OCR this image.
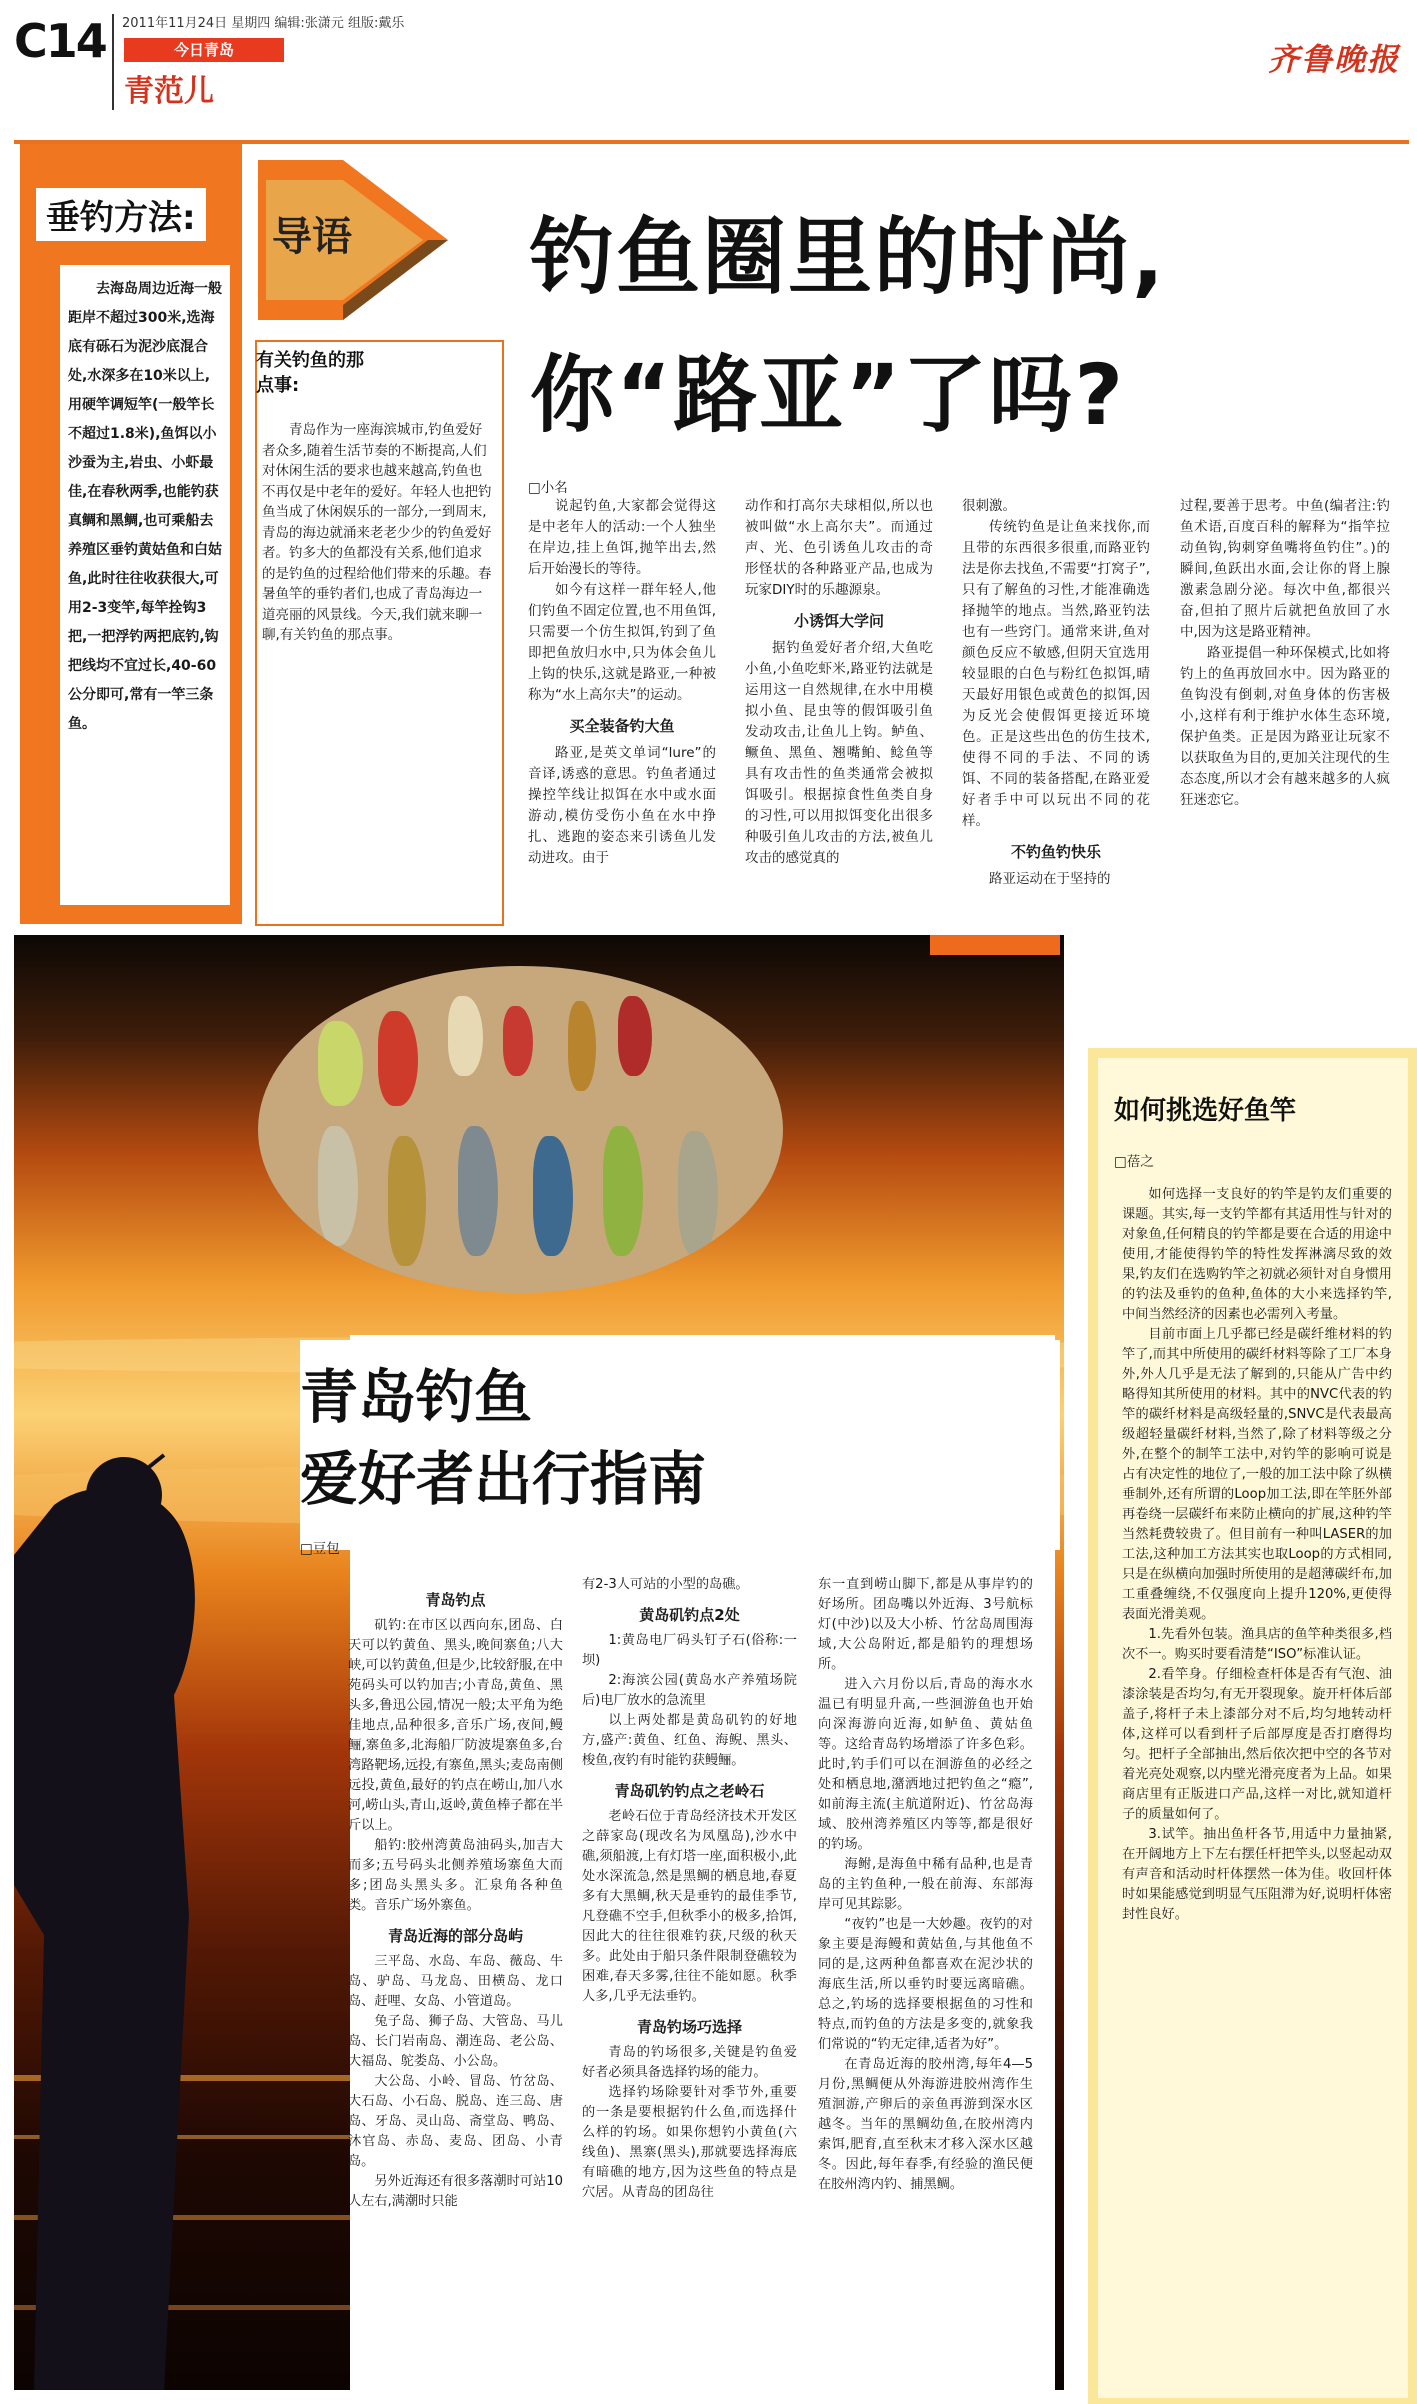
C14 2011年11月24日 星期四 编辑:张潇元 组版:戴乐
今日青岛
青范儿
齐鲁晚报
垂钓方法:
去海岛周边近海一般距岸不超过300米,选海底有砾石为泥沙底混合处,水深多在10米以上,用硬竿调短竿(一般竿长不超过1.8米),鱼饵以小沙蚕为主,岩虫、小虾最佳,在春秋两季,也能钓获真鲷和黑鲷,也可乘船去养殖区垂钓黄姑鱼和白姑鱼,此时往往收获很大,可用2-3变竿,每竿拴钩3把,一把浮钓两把底钓,钩把线均不宜过长,40-60公分即可,常有一竿三条鱼。
导语
有关钓鱼的那点事:
青岛作为一座海滨城市,钓鱼爱好者众多,随着生活节奏的不断提高,人们对休闲生活的要求也越来越高,钓鱼也不再仅是中老年的爱好。年轻人也把钓鱼当成了休闲娱乐的一部分,一到周末,青岛的海边就涌来老老少少的钓鱼爱好者。钓多大的鱼都没有关系,他们追求的是钓鱼的过程给他们带来的乐趣。春暑鱼竿的垂钓者们,也成了青岛海边一道亮丽的风景线。今天,我们就来聊一聊,有关钓鱼的那点事。
钓鱼圈里的时尚,
你“路亚”了吗?
□小名

说起钓鱼,大家都会觉得这是中老年人的活动:一个人独坐在岸边,挂上鱼饵,抛竿出去,然后开始漫长的等待。

如今有这样一群年轻人,他们钓鱼不固定位置,也不用鱼饵,只需要一个仿生拟饵,钓到了鱼即把鱼放归水中,只为体会鱼儿上钩的快乐,这就是路亚,一种被称为“水上高尔夫”的运动。

买全装备钓大鱼

路亚,是英文单词“lure”的音译,诱惑的意思。钓鱼者通过操控竿线让拟饵在水中或水面游动,模仿受伤小鱼在水中挣扎、逃跑的姿态来引诱鱼儿发动进攻。由于

动作和打高尔夫球相似,所以也被叫做“水上高尔夫”。而通过声、光、色引诱鱼儿攻击的奇形怪状的各种路亚产品,也成为玩家DIY时的乐趣源泉。

小诱饵大学问

据钓鱼爱好者介绍,大鱼吃小鱼,小鱼吃虾米,路亚钓法就是运用这一自然规律,在水中用模拟小鱼、昆虫等的假饵吸引鱼发动攻击,让鱼儿上钩。鲈鱼、鳜鱼、黑鱼、翘嘴鲌、鲶鱼等具有攻击性的鱼类通常会被拟饵吸引。根据掠食性鱼类自身的习性,可以用拟饵变化出很多种吸引鱼儿攻击的方法,被鱼儿攻击的感觉真的

很刺激。

传统钓鱼是让鱼来找你,而且带的东西很多很重,而路亚钓法是你去找鱼,不需要“打窝子”,只有了解鱼的习性,才能准确选择抛竿的地点。当然,路亚钓法也有一些窍门。通常来讲,鱼对颜色反应不敏感,但阴天宜选用较显眼的白色与粉红色拟饵,晴天最好用银色或黄色的拟饵,因为反光会使假饵更接近环境色。正是这些出色的仿生技术,使得不同的手法、不同的诱饵、不同的装备搭配,在路亚爱好者手中可以玩出不同的花样。

不钓鱼钓快乐

路亚运动在于坚持的

过程,要善于思考。中鱼(编者注:钓鱼术语,百度百科的解释为“指竿拉动鱼钩,钩刺穿鱼嘴将鱼钓住”。)的瞬间,鱼跃出水面,会让你的肾上腺激素急剧分泌。每次中鱼,都很兴奋,但拍了照片后就把鱼放回了水中,因为这是路亚精神。

路亚提倡一种环保模式,比如将钓上的鱼再放回水中。因为路亚的鱼钩没有倒刺,对鱼身体的伤害极小,这样有利于维护水体生态环境,保护鱼类。正是因为路亚让玩家不以获取鱼为目的,更加关注现代的生态态度,所以才会有越来越多的人疯狂迷恋它。

青岛钓鱼
爱好者出行指南
□豆包

青岛钓点

矶钓:在市区以西向东,团岛、白天可以钓黄鱼、黑头,晚间寨鱼;八大峡,可以钓黄鱼,但是少,比较舒服,在中苑码头可以钓加吉;小青岛,黄鱼、黑头多,鲁迅公园,情况一般;太平角为绝佳地点,品种很多,音乐广场,夜间,鳗鲡,寨鱼多,北海船厂防波堤寨鱼多,台湾路靶场,远投,有寨鱼,黑头;麦岛南侧远投,黄鱼,最好的钓点在崂山,加八水河,崂山头,青山,返岭,黄鱼棒子都在半斤以上。

船钓:胶州湾黄岛油码头,加吉大而多;五号码头北侧养殖场寨鱼大而多;团岛头黑头多。汇泉角各种鱼类。音乐广场外寨鱼。

青岛近海的部分岛屿

三平岛、水岛、车岛、薇岛、牛岛、驴岛、马龙岛、田横岛、龙口岛、赶哩、女岛、小管道岛。

兔子岛、狮子岛、大管岛、马儿岛、长门岩南岛、潮连岛、老公岛、大福岛、鸵娄岛、小公岛。

大公岛、小岭、冒岛、竹岔岛、大石岛、小石岛、脱岛、连三岛、唐岛、牙岛、灵山岛、斋堂岛、鸭岛、沐官岛、赤岛、麦岛、团岛、小青岛。

另外近海还有很多落潮时可站10人左右,满潮时只能

有2-3人可站的小型的岛礁。

黄岛矶钓点2处

1:黄岛电厂码头钉子石(俗称:一坝)

2:海滨公园(黄岛水产养殖场院后)电厂放水的急流里

以上两处都是黄岛矶钓的好地方,盛产:黄鱼、红鱼、海鲵、黑头、梭鱼,夜钓有时能钓获鳗鲡。

青岛矶钓钓点之老岭石

老岭石位于青岛经济技术开发区之薛家岛(现改名为凤凰岛),沙水中礁,须船渡,上有灯塔一座,面积极小,此处水深流急,然是黑鲷的栖息地,春夏多有大黑鲷,秋天是垂钓的最佳季节,凡登礁不空手,但秋季小的极多,拾饵,因此大的往往很难钓获,尺级的秋天多。此处由于船只条件限制登礁较为困难,春天多雾,往往不能如愿。秋季人多,几乎无法垂钓。

青岛钓场巧选择

青岛的钓场很多,关键是钓鱼爱好者必须具备选择钓场的能力。

选择钓场除要针对季节外,重要的一条是要根据钓什么鱼,而选择什么样的钓场。如果你想钓小黄鱼(六线鱼)、黑寨(黑头),那就要选择海底有暗礁的地方,因为这些鱼的特点是穴居。从青岛的团岛往

东一直到崂山脚下,都是从事岸钓的好场所。团岛嘴以外近海、3号航标灯(中沙)以及大小桥、竹岔岛周围海域,大公岛附近,都是船钓的理想场所。

进入六月份以后,青岛的海水水温已有明显升高,一些洄游鱼也开始向深海游向近海,如鲈鱼、黄姑鱼等。这给青岛钓场增添了许多色彩。此时,钓手们可以在洄游鱼的必经之处和栖息地,潴洒地过把钓鱼之“瘾”,如前海主流(主航道附近)、竹岔岛海域、胶州湾养殖区内等等,都是很好的钓场。

海鲋,是海鱼中稀有品种,也是青岛的主钓鱼种,一般在前海、东部海岸可见其踪影。

“夜钓”也是一大妙趣。夜钓的对象主要是海鳗和黄姑鱼,与其他鱼不同的是,这两种鱼都喜欢在泥沙状的海底生活,所以垂钓时要远离暗礁。总之,钓场的选择要根据鱼的习性和特点,而钓鱼的方法是多变的,就象我们常说的“钓无定律,适者为好”。

在青岛近海的胶州湾,每年4—5月份,黑鲷便从外海游进胶州湾作生殖洄游,产卵后的亲鱼再游到深水区越冬。当年的黑鲷幼鱼,在胶州湾内索饵,肥育,直至秋末才移入深水区越冬。因此,每年春季,有经验的渔民便在胶州湾内钓、捕黑鲷。

如何挑选好鱼竿
□蓓之

如何选择一支良好的钓竿是钓友们重要的课题。其实,每一支钓竿都有其适用性与针对的对象鱼,任何精良的钓竿都是要在合适的用途中使用,才能使得钓竿的特性发挥淋漓尽致的效果,钓友们在选购钓竿之初就必须针对自身惯用的钓法及垂钓的鱼种,鱼体的大小来选择钓竿,中间当然经济的因素也必需列入考量。

目前市面上几乎都已经是碳纤维材料的钓竿了,而其中所使用的碳纤材料等除了工厂本身外,外人几乎是无法了解到的,只能从广告中约略得知其所使用的材料。其中的NVC代表的钓竿的碳纤材料是高级轻量的,SNVC是代表最高级超轻量碳纤材料,当然了,除了材料等级之分外,在整个的制竿工法中,对钓竿的影响可说是占有决定性的地位了,一般的加工法中除了纵横垂制外,还有所谓的Loop加工法,即在竿胚外部再卷绕一层碳纤布来防止横向的扩展,这种钓竿当然耗费较贵了。但目前有一种叫LASER的加工法,这种加工方法其实也取Loop的方式相同,只是在纵横向加强时所使用的是超薄碳纤布,加工重叠缠绕,不仅强度向上提升120%,更使得表面光滑美观。

1.先看外包装。渔具店的鱼竿种类很多,档次不一。购买时要看清楚“ISO”标准认证。

2.看竿身。仔细检查杆体是否有气泡、油漆涂装是否均匀,有无开裂现象。旋开杆体后部盖子,将杆子未上漆部分对不后,均匀地转动杆体,这样可以看到杆子后部厚度是否打磨得均匀。把杆子全部抽出,然后依次把中空的各节对着光亮处观察,以内壁光滑亮度者为上品。如果商店里有正版进口产品,这样一对比,就知道杆子的质量如何了。

3.试竿。抽出鱼杆各节,用适中力量抽紧,在开阔地方上下左右摆任杆把竿头,以竖起动双有声音和活动时杆体摆然一体为佳。收回杆体时如果能感觉到明显气压阻滞为好,说明杆体密封性良好。
